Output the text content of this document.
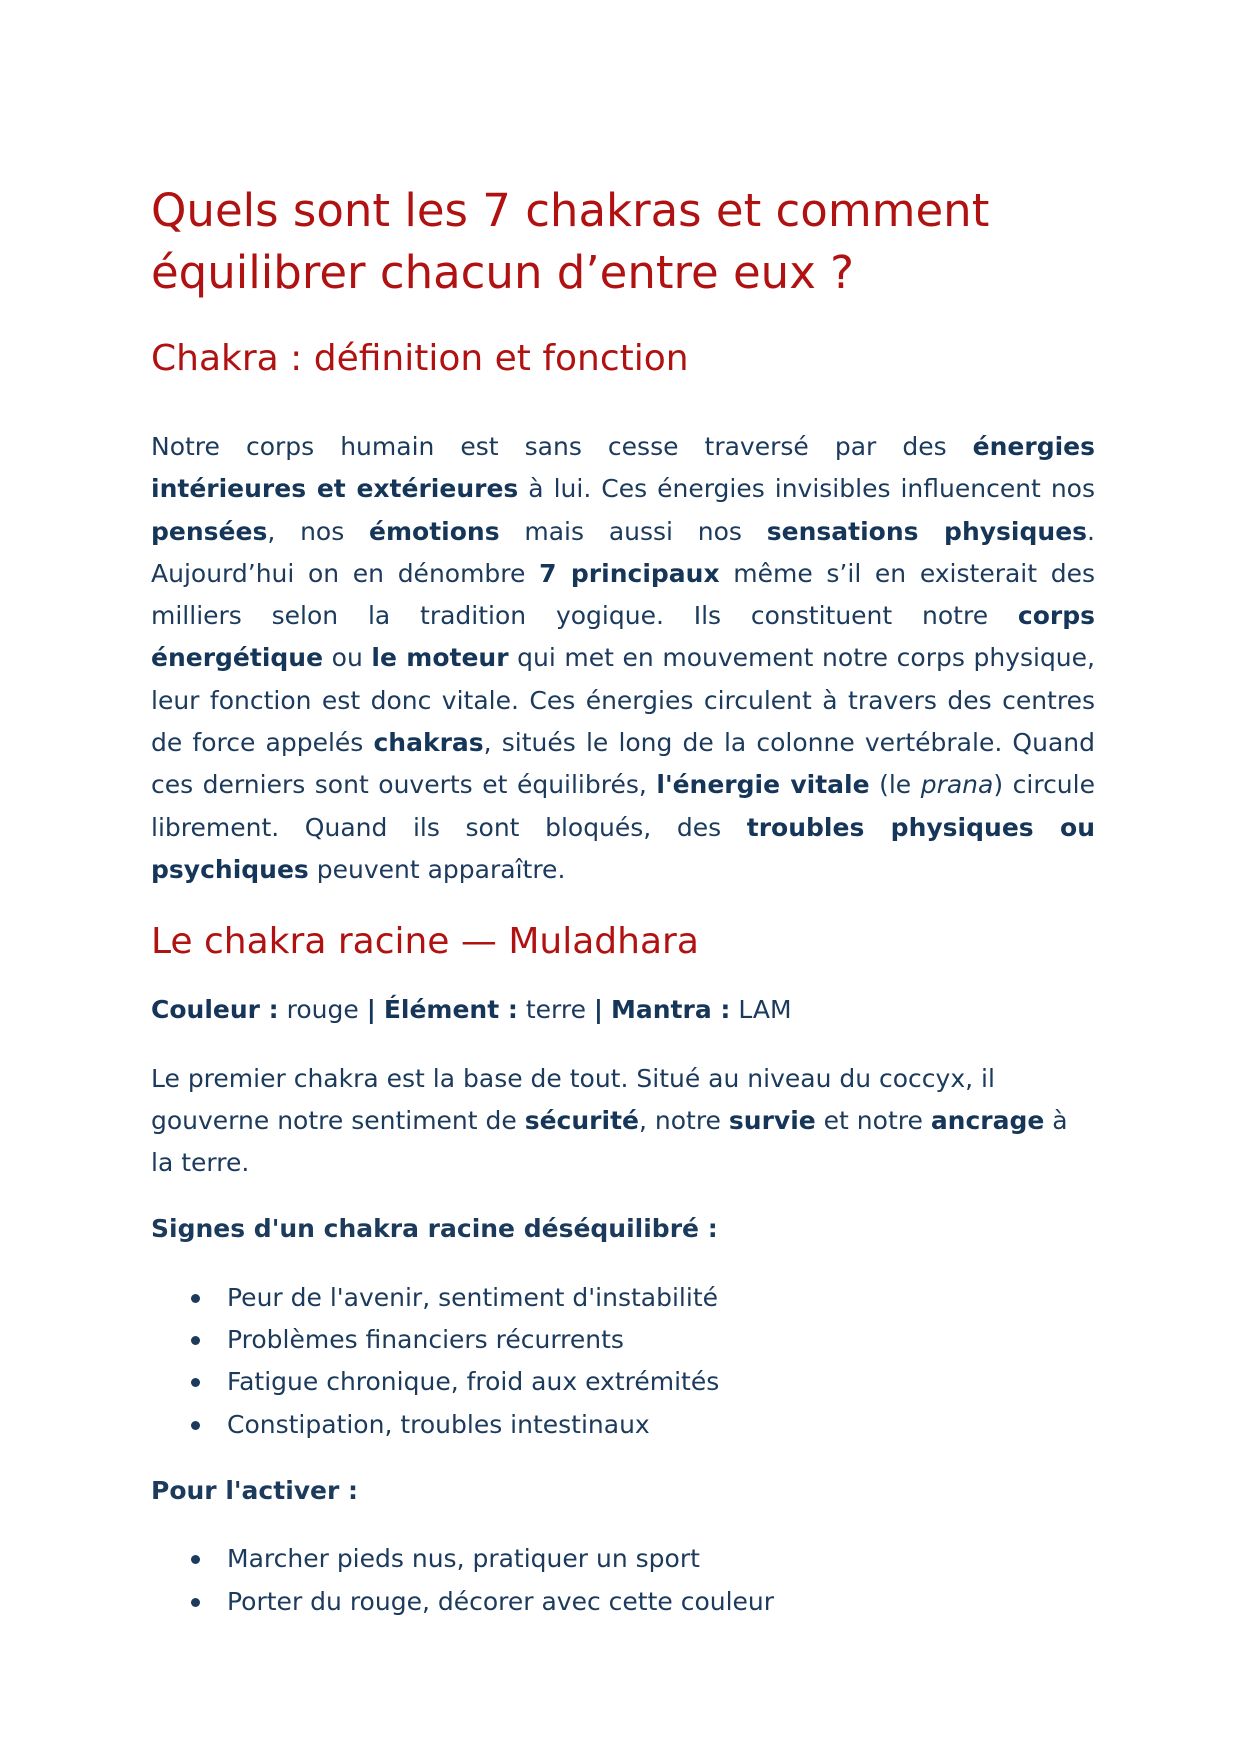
Quels sont les 7 chakras et comment équilibrer chacun d’entre eux ?
Chakra : définition et fonction

Notre corps humain est sans cesse traversé par des énergies intérieures et extérieures à lui. Ces énergies invisibles influencent nos pensées, nos émotions mais aussi nos sensations physiques. Aujourd’hui on en dénombre 7 principaux même s’il en existerait des milliers selon la tradition yogique. Ils constituent notre corps énergétique ou le moteur qui met en mouvement notre corps physique, leur fonction est donc vitale. Ces énergies circulent à travers des centres de force appelés chakras, situés le long de la colonne vertébrale. Quand ces derniers sont ouverts et équilibrés, l'énergie vitale (le prana) circule librement. Quand ils sont bloqués, des troubles physiques ou psychiques peuvent apparaître.

Le chakra racine — Muladhara

Couleur : rouge | Élément : terre | Mantra : LAM

Le premier chakra est la base de tout. Situé au niveau du coccyx, il gouverne notre sentiment de sécurité, notre survie et notre ancrage à la terre.

Signes d'un chakra racine déséquilibré :

Peur de l'avenir, sentiment d'instabilité
Problèmes financiers récurrents
Fatigue chronique, froid aux extrémités
Constipation, troubles intestinaux

Pour l'activer :

Marcher pieds nus, pratiquer un sport
Porter du rouge, décorer avec cette couleur
